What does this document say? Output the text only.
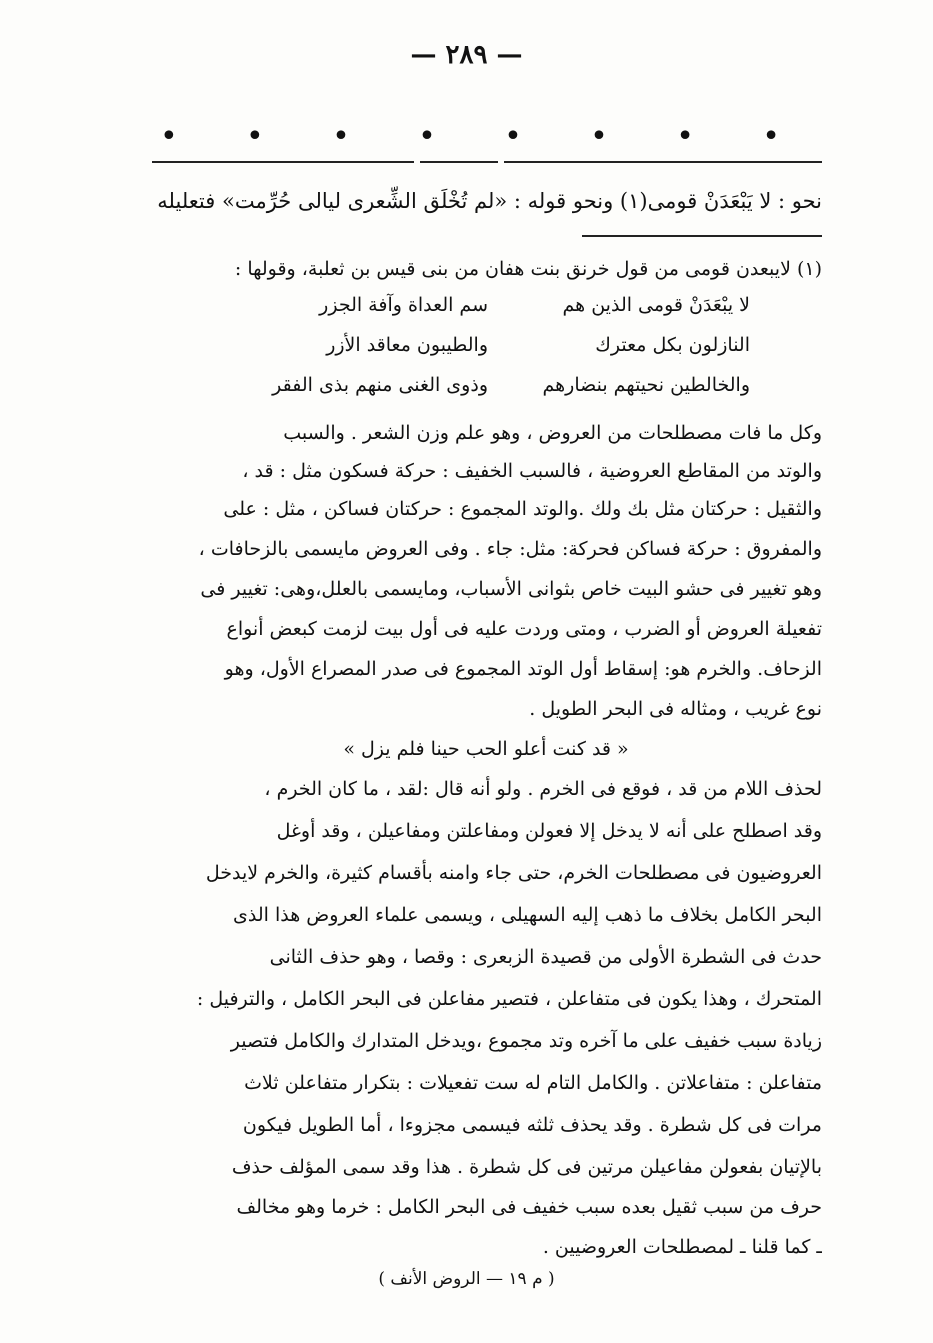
— ٢٨٩ —
• • • • • • • •
نحو : لا يَبْعَدَنْ قومى(١) ونحو قوله : «لم تُخْلَق الشِّعرى ليالى حُرِّمت» فتعليله
(١) لايبعدن قومى من قول خرنق بنت هفان من بنى قيس بن ثعلبة، وقولها :
لا يبْعَدَنْ قومى الذين هم
سم العداة وآفة الجزر
النازلون بكل معترك
والطيبون معاقد الأزر
والخالطين نحيتهم بنضارهم
وذوى الغنى منهم بذى الفقر
وكل ما فات مصطلحات من العروض ، وهو علم وزن الشعر . والسبب
والوتد من المقاطع العروضية ، فالسبب الخفيف : حركة فسكون مثل : قد ،
والثقيل : حركتان مثل بك ولك .والوتد المجموع : حركتان فساكن ، مثل : على
والمفروق : حركة فساكن فحركة: مثل: جاء . وفى العروض مايسمى بالزحافات ،
وهو تغيير فى حشو البيت خاص بثوانى الأسباب، ومايسمى بالعلل،وهى: تغيير فى
تفعيلة العروض أو الضرب ، ومتى وردت عليه فى أول بيت لزمت كبعض أنواع
الزحاف. والخرم هو: إسقاط أول الوتد المجموع فى صدر المصراع الأول، وهو
نوع غريب ، ومثاله فى البحر الطويل .
« قد كنت أعلو الحب حينا فلم يزل »
لحذف اللام من قد ، فوقع فى الخرم . ولو أنه قال :لقد ، ما كان الخرم ،
وقد اصطلح على أنه لا يدخل إلا فعولن ومفاعلتن ومفاعيلن ، وقد أوغل
العروضيون فى مصطلحات الخرم، حتى جاء وامنه بأقسام كثيرة، والخرم لايدخل
البحر الكامل بخلاف ما ذهب إليه السهيلى ، ويسمى علماء العروض هذا الذى
حدث فى الشطرة الأولى من قصيدة الزبعرى : وقصا ، وهو حذف الثانى
المتحرك ، وهذا يكون فى متفاعلن ، فتصير مفاعلن فى البحر الكامل ، والترفيل :
زيادة سبب خفيف على ما آخره وتد مجموع ،ويدخل المتدارك والكامل فتصير
متفاعلن : متفاعلاتن . والكامل التام له ست تفعيلات : بتكرار متفاعلن ثلاث
مرات فى كل شطرة . وقد يحذف ثلثه فيسمى مجزوءا ، أما الطويل فيكون
بالإتيان بفعولن مفاعيلن مرتين فى كل شطرة . هذا وقد سمى المؤلف حذف
حرف من سبب ثقيل بعده سبب خفيف فى البحر الكامل : خرما وهو مخالف
ـ كما قلنا ـ لمصطلحات العروضيين .
( م ١٩ — الروض الأنف )
